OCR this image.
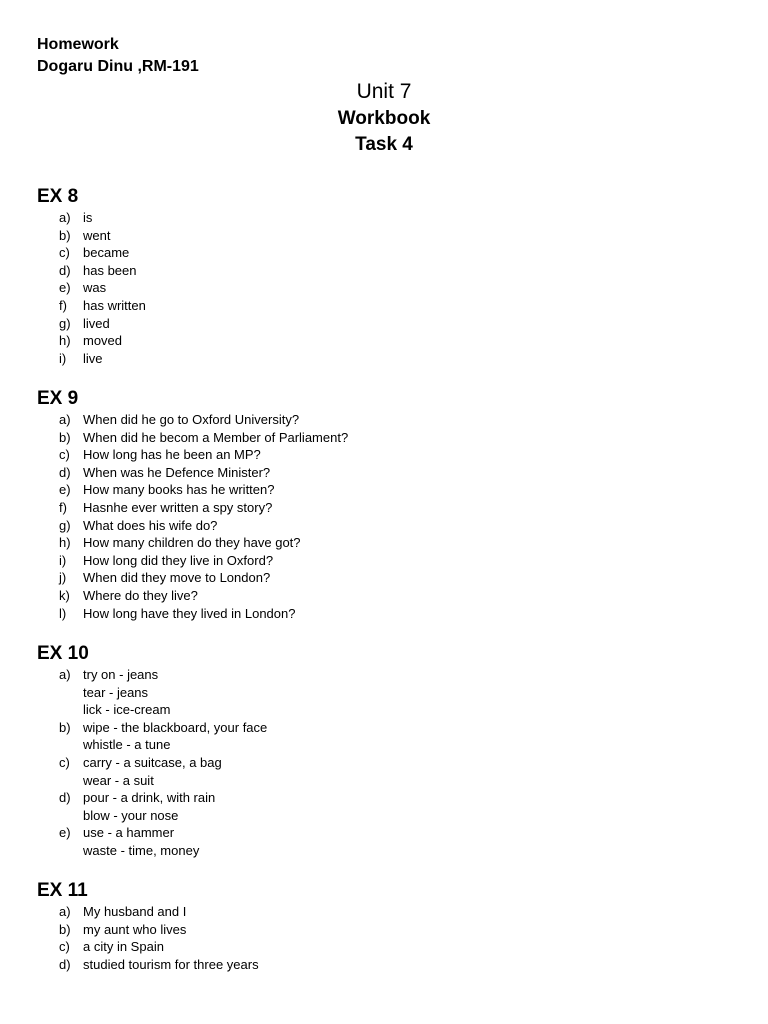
Homework
Dogaru Dinu ,RM-191
Unit 7
Workbook
Task 4
EX 8
a) is
b) went
c) became
d) has been
e) was
f) has written
g) lived
h) moved
i) live
EX 9
a) When did he go to Oxford University?
b) When did he becom a Member of Parliament?
c) How long has he been an MP?
d) When was he Defence Minister?
e) How many books has he written?
f) Hasnhe ever written a spy story?
g) What does his wife do?
h) How many children do they have got?
i) How long did they live in Oxford?
j) When did they move to London?
k) Where do they live?
l) How long have they lived in London?
EX 10
a) try on - jeans
tear - jeans
lick - ice-cream
b) wipe - the blackboard, your face
whistle - a tune
c) carry - a suitcase, a bag
wear - a suit
d) pour - a drink, with rain
blow - your nose
e) use - a hammer
waste - time, money
EX 11
a) My husband and I
b) my aunt who lives
c) a city in Spain
d) studied tourism for three years
